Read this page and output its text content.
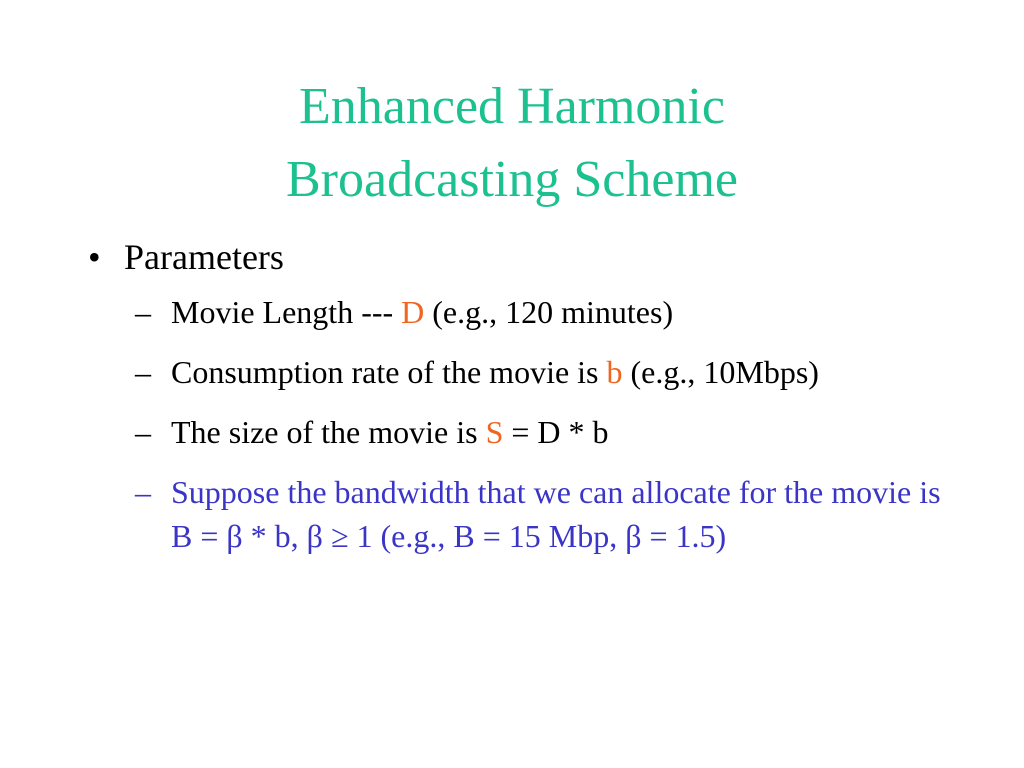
Enhanced Harmonic
Broadcasting Scheme
• Parameters
– Movie Length --- D (e.g., 120 minutes)
– Consumption rate of the movie is b (e.g., 10Mbps)
– The size of the movie is S = D * b
– Suppose the bandwidth that we can allocate for the movie is B = β * b, β ≥ 1 (e.g., B = 15 Mbp, β = 1.5)
